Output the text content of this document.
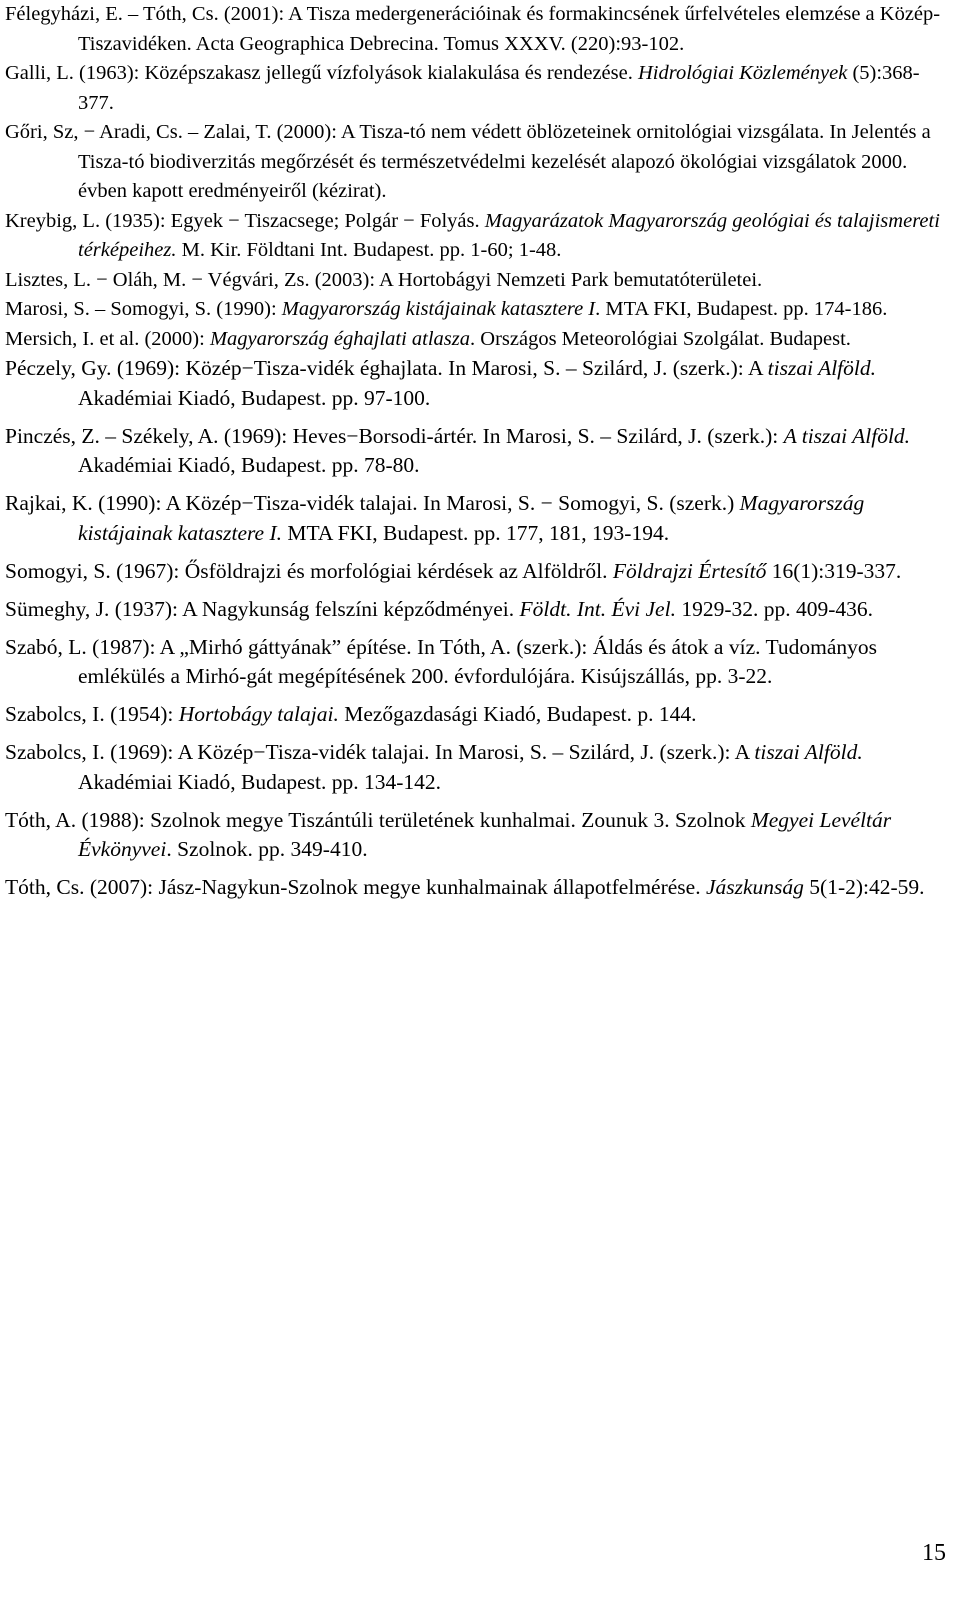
Félegyházi, E. – Tóth, Cs. (2001): A Tisza medergenerációinak és formakincsének űrfelvételes elemzése a Közép-Tiszavidéken. Acta Geographica Debrecina. Tomus XXXV. (220):93-102.

Galli, L. (1963): Középszakasz jellegű vízfolyások kialakulása és rendezése. Hidrológiai Közlemények (5):368-377.

Gőri, Sz, − Aradi, Cs. – Zalai, T. (2000): A Tisza-tó nem védett öblözeteinek ornitológiai vizsgálata. In Jelentés a Tisza-tó biodiverzitás megőrzését és természetvédelmi kezelését alapozó ökológiai vizsgálatok 2000. évben kapott eredményeiről (kézirat).

Kreybig, L. (1935): Egyek − Tiszacsege; Polgár − Folyás. Magyarázatok Magyarország geológiai és talajismereti térképeihez. M. Kir. Földtani Int. Budapest. pp. 1-60; 1-48.

Lisztes, L. − Oláh, M. − Végvári, Zs. (2003): A Hortobágyi Nemzeti Park bemutatóterületei.

Marosi, S. – Somogyi, S. (1990): Magyarország kistájainak katasztere I. MTA FKI, Budapest. pp. 174-186.

Mersich, I. et al. (2000): Magyarország éghajlati atlasza. Országos Meteorológiai Szolgálat. Budapest.

Péczely, Gy. (1969): Közép−Tisza-vidék éghajlata. In Marosi, S. – Szilárd, J. (szerk.): A tiszai Alföld. Akadémiai Kiadó, Budapest. pp. 97-100.

Pinczés, Z. – Székely, A. (1969): Heves−Borsodi-ártér. In Marosi, S. – Szilárd, J. (szerk.): A tiszai Alföld. Akadémiai Kiadó, Budapest. pp. 78-80.

Rajkai, K. (1990): A Közép−Tisza-vidék talajai. In Marosi, S. − Somogyi, S. (szerk.) Magyarország kistájainak katasztere I. MTA FKI, Budapest. pp. 177, 181, 193-194.

Somogyi, S. (1967): Ősföldrajzi és morfológiai kérdések az Alföldről. Földrajzi Értesítő 16(1):319-337.

Sümeghy, J. (1937): A Nagykunság felszíni képződményei. Földt. Int. Évi Jel. 1929-32. pp. 409-436.

Szabó, L. (1987): A „Mirhó gáttyának” építése. In Tóth, A. (szerk.): Áldás és átok a víz. Tudományos emlékülés a Mirhó-gát megépítésének 200. évfordulójára. Kisújszállás, pp. 3-22.

Szabolcs, I. (1954): Hortobágy talajai. Mezőgazdasági Kiadó, Budapest. p. 144.

Szabolcs, I. (1969): A Közép−Tisza-vidék talajai. In Marosi, S. – Szilárd, J. (szerk.): A tiszai Alföld. Akadémiai Kiadó, Budapest. pp. 134-142.

Tóth, A. (1988): Szolnok megye Tiszántúli területének kunhalmai. Zounuk 3. Szolnok Megyei Levéltár Évkönyvei. Szolnok. pp. 349-410.

Tóth, Cs. (2007): Jász-Nagykun-Szolnok megye kunhalmainak állapotfelmérése. Jászkunság 5(1-2):42-59.

15
